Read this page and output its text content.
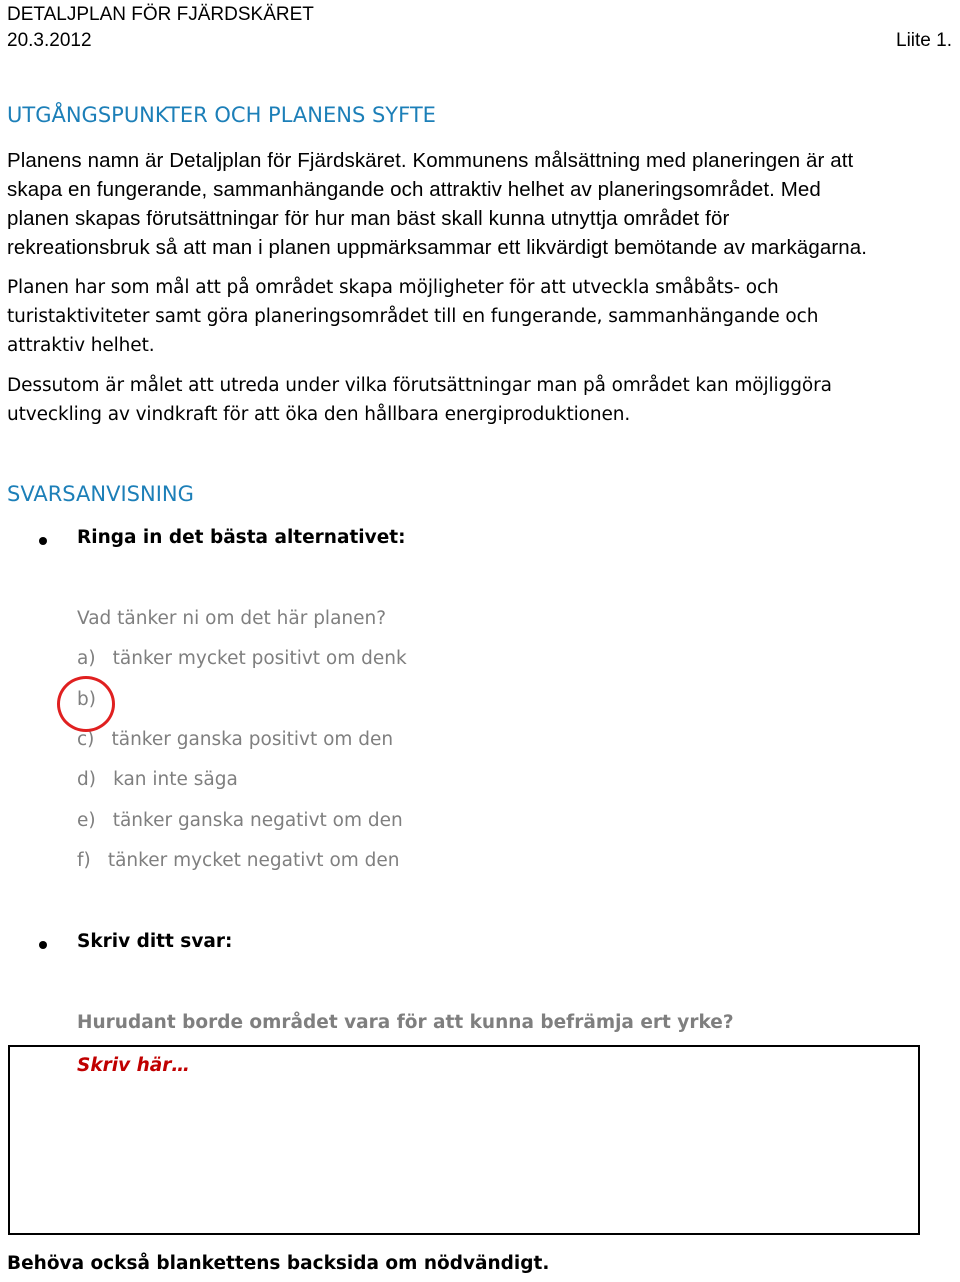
DETALJPLAN FÖR FJÄRDSKÄRET
20.3.2012	Liite 1.
UTGÅNGSPUNKTER OCH PLANENS SYFTE
Planens namn är Detaljplan för Fjärdskäret. Kommunens målsättning med planeringen är att
skapa en fungerande, sammanhängande och attraktiv helhet av planeringsområdet. Med
planen skapas förutsättningar för hur man bäst skall kunna utnyttja området för
rekreationsbruk så att man i planen uppmärksammar ett likvärdigt bemötande av markägarna.
Planen har som mål att på området skapa möjligheter för att utveckla småbåts- och
turistaktiviteter samt göra planeringsområdet till en fungerande, sammanhängande och
attraktiv helhet.
Dessutom är målet att utreda under vilka förutsättningar man på området kan möjliggöra
utveckling av vindkraft för att öka den hållbara energiproduktionen.
SVARSANVISNING
Ringa in det bästa alternativet:
Vad tänker ni om det här planen?
a) tänker mycket positivt om denk
b)
c) tänker ganska positivt om den
d) kan inte säga
e) tänker ganska negativt om den
f) tänker mycket negativt om den
Skriv ditt svar:
Hurudant borde området vara för att kunna befrämja ert yrke?
Skriv här…
Behöva också blankettens backsida om nödvändigt.
